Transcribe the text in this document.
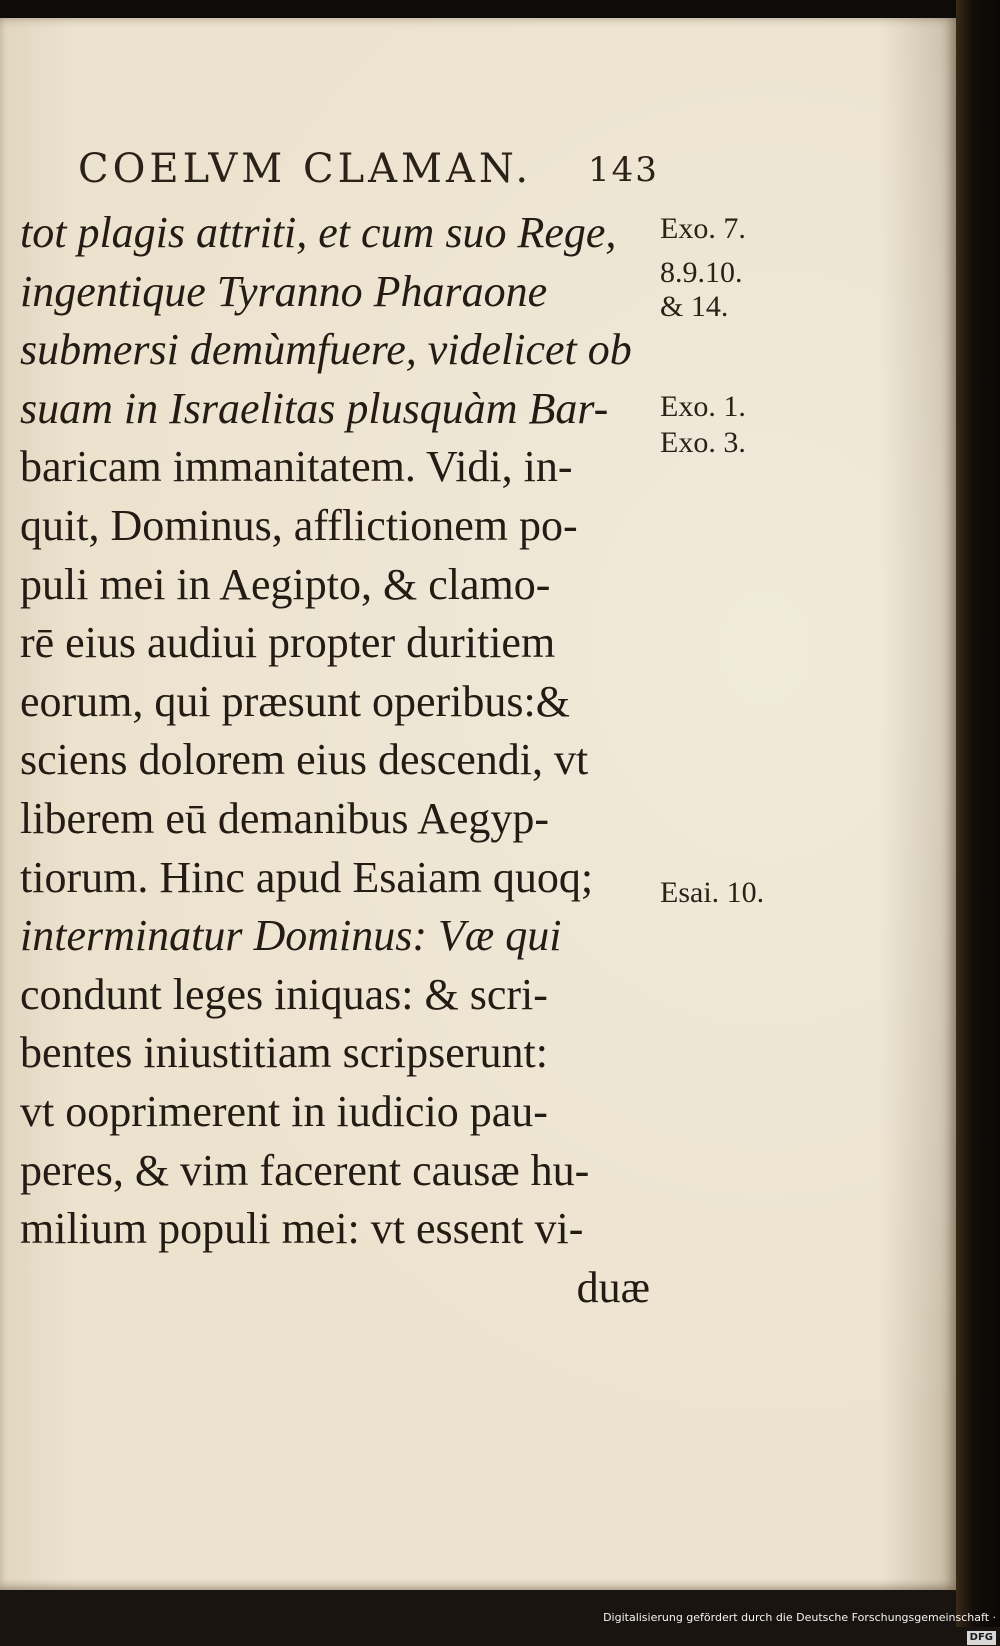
COELVM CLAMAN. 143
tot plagis attriti, et cum suo Rege,
ingentique Tyranno Pharaone
submersi demùmfuere, videlicet ob
suam in Israelitas plusquàm Bar-
baricam immanitatem. Vidi, in-
quit, Dominus, afflictionem po-
puli mei in Aegipto, & clamo-
rē eius audiui propter duritiem
eorum, qui præsunt operibus:&
sciens dolorem eius descendi, vt
liberem eū demanibus Aegyp-
tiorum. Hinc apud Esaiam quoq;
interminatur Dominus: Væ qui
condunt leges iniquas: & scri-
bentes iniustitiam scripserunt:
vt ooprimerent in iudicio pau-
peres, & vim facerent causæ hu-
milium populi mei: vt essent vi-
duæ
Exo. 7.
8.9.10.
& 14.
Exo. 1.
Exo. 3.
Esai. 10.
Digitalisierung gefördert durch die Deutsche Forschungsgemeinschaft ·DFG
